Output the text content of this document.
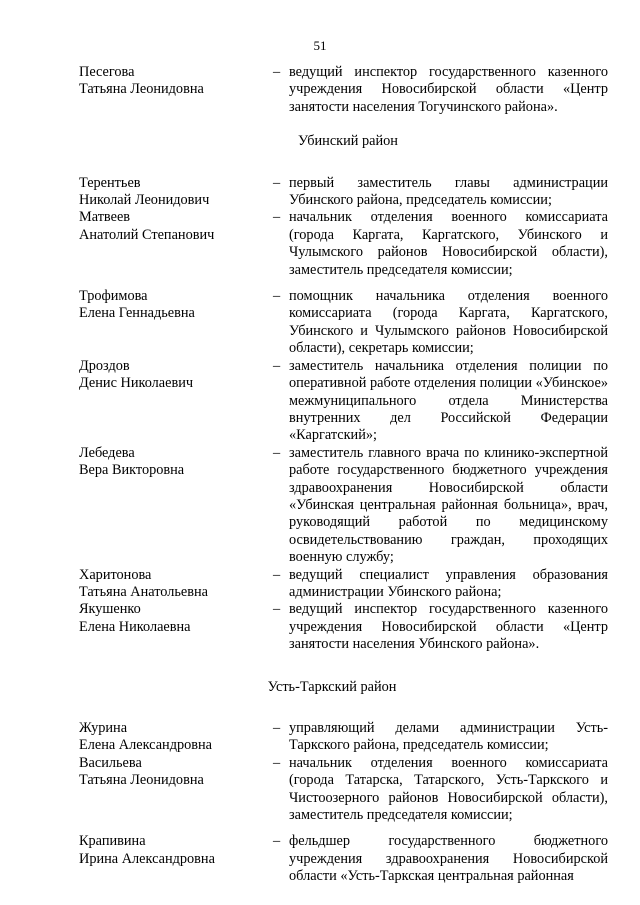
51
Песегова
Татьяна Леонидовна
– ведущий инспектор государственного казенного учреждения Новосибирской области «Центр занятости населения Тогучинского района».
Убинский район
Терентьев
Николай Леонидович
– первый заместитель главы администрации Убинского района, председатель комиссии;
Матвеев
Анатолий Степанович
– начальник отделения военного комиссариата (города Каргата, Каргатского, Убинского и Чулымского районов Новосибирской области), заместитель председателя комиссии;
Трофимова
Елена Геннадьевна
– помощник начальника отделения военного комиссариата (города Каргата, Каргатского, Убинского и Чулымского районов Новосибирской области), секретарь комиссии;
Дроздов
Денис Николаевич
– заместитель начальника отделения полиции по оперативной работе отделения полиции «Убинское» межмуниципального отдела Министерства внутренних дел Российской Федерации «Каргатский»;
Лебедева
Вера Викторовна
– заместитель главного врача по клинико-экспертной работе государственного бюджетного учреждения здравоохранения Новосибирской области «Убинская центральная районная больница», врач, руководящий работой по медицинскому освидетельствованию граждан, проходящих военную службу;
Харитонова
Татьяна Анатольевна
– ведущий специалист управления образования администрации Убинского района;
Якушенко
Елена Николаевна
– ведущий инспектор государственного казенного учреждения Новосибирской области «Центр занятости населения Убинского района».
Усть-Таркский район
Журина
Елена Александровна
– управляющий делами администрации Усть-Таркского района, председатель комиссии;
Васильева
Татьяна Леонидовна
– начальник отделения военного комиссариата (города Татарска, Татарского, Усть-Таркского и Чистоозерного районов Новосибирской области), заместитель председателя комиссии;
Крапивина
Ирина Александровна
– фельдшер государственного бюджетного учреждения здравоохранения Новосибирской области «Усть-Таркская центральная районная
